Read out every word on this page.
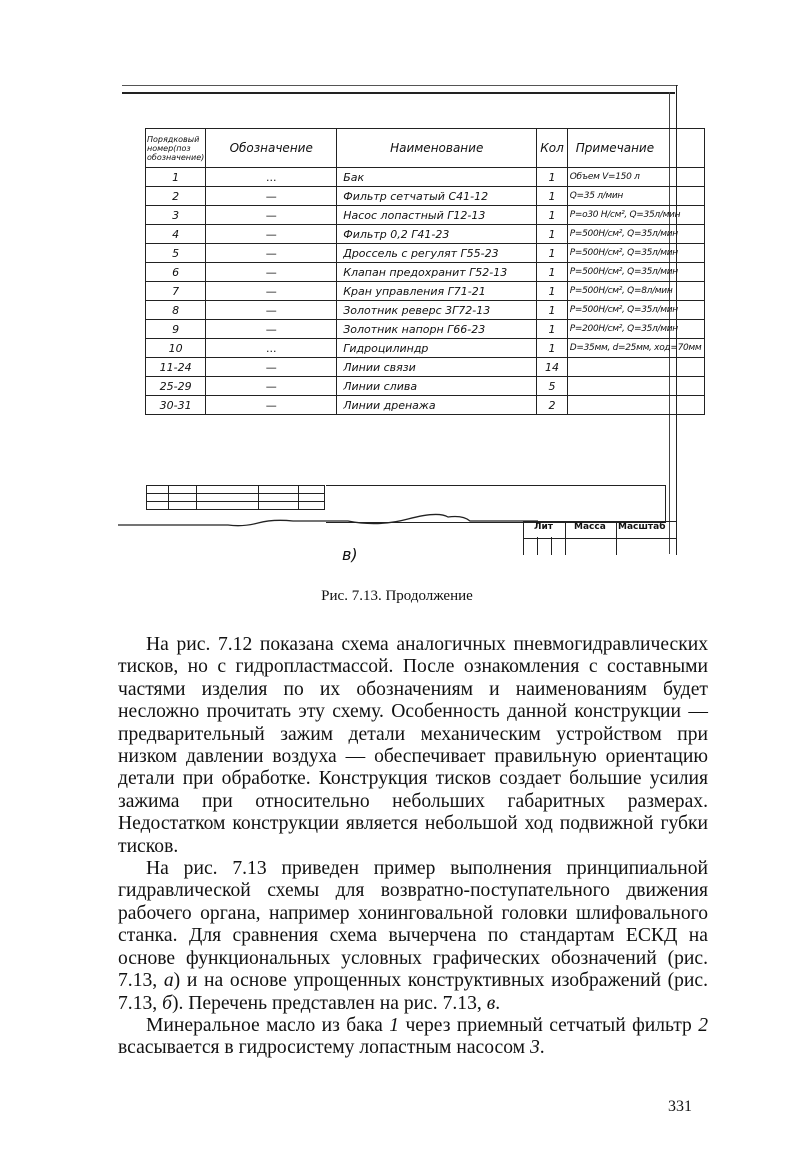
Порядковый номер(поз обозначение)	Обозначение	Наименование	Кол	Примечание
1	...	Бак	1	Объем V=150 л
2	—	Фильтр сетчатый С41-12	1	Q=35 л/мин
3	—	Насос лопастный Г12-13	1	P=o30 Н/см², Q=35л/мин
4	—	Фильтр 0,2 Г41-23	1	P=500Н/см², Q=35л/мин
5	—	Дроссель с регулят Г55-23	1	P=500Н/см², Q=35л/мин
6	—	Клапан предохранит Г52-13	1	P=500Н/см², Q=35л/мин
7	—	Кран управления Г71-21	1	P=500Н/см², Q=8л/мин
8	—	Золотник реверс 3Г72-13	1	P=500Н/см², Q=35л/мин
9	—	Золотник напорн Г66-23	1	P=200Н/см², Q=35л/мин
10	...	Гидроцилиндр	1	D=35мм, d=25мм, ход=70мм
11-24	—	Линии связи	14	
25-29	—	Линии слива	5	
30-31	—	Линии дренажа	2	

Лит Масса Масштаб
в)
Рис. 7.13. Продолжение

На рис. 7.12 показана схема аналогичных пневмогидравлических тисков, но с гидропластмассой. После ознакомления с составными частями изделия по их обозначениям и наименованиям будет несложно прочитать эту схему. Особенность данной конструкции — предварительный зажим детали механическим устройством при низком давлении воздуха — обеспечивает правильную ориентацию детали при обработке. Конструкция тисков создает большие усилия зажима при относительно небольших габаритных размерах. Недостатком конструкции является небольшой ход подвижной губки тисков.

На рис. 7.13 приведен пример выполнения принципиальной гидравлической схемы для возвратно-поступательного движения рабочего органа, например хонинговальной головки шлифовального станка. Для сравнения схема вычерчена по стандартам ЕСКД на основе функциональных условных графических обозначений (рис. 7.13, а) и на основе упрощенных конструктивных изображений (рис. 7.13, б). Перечень представлен на рис. 7.13, в.

Минеральное масло из бака 1 через приемный сетчатый фильтр 2 всасывается в гидросистему лопастным насосом 3.

331
